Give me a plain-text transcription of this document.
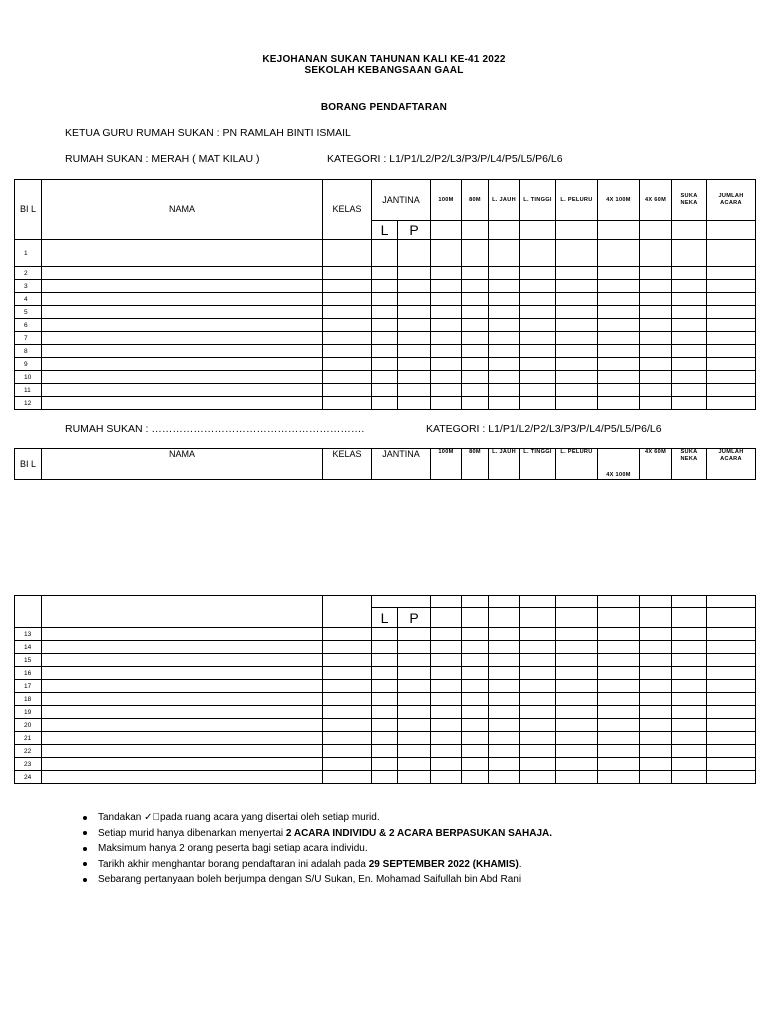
KEJOHANAN SUKAN TAHUNAN KALI KE-41 2022
SEKOLAH KEBANGSAAN GAAL
BORANG PENDAFTARAN
KETUA GURU RUMAH SUKAN : PN RAMLAH BINTI ISMAIL
RUMAH SUKAN : MERAH ( MAT KILAU )	KATEGORI : L1/P1/L2/P2/L3/P3/P/L4/P5/L5/P6/L6
BI L	NAMA	KELAS	JANTINA		100M	80M	L. JAUH	L. TINGGI	L. PELURU	4X 100M	4X 60M	SUKA NEKA	JUMLAH ACARA
			L	P									
1													
2													
3													
4													
5													
6													
7													
8													
9													
10													
11													
12													
RUMAH SUKAN : …………………………………………………….	KATEGORI : L1/P1/L2/P2/L3/P3/P/L4/P5/L5/P6/L6
BI L	NAMA	KELAS	JANTINA	100M	80M	L. JAUH	L. TINGGI	L. PELURU	4X 100M	4X 60M	SUKA NEKA	JUMLAH ACARA

			L	P									
13													
14													
15													
16													
17													
18													
19													
20													
21													
22													
23													
24													
Tandakan ✓ pada ruang acara yang disertai oleh setiap murid.
Setiap murid hanya dibenarkan menyertai 2 ACARA INDIVIDU & 2 ACARA BERPASUKAN SAHAJA.
Maksimum hanya 2 orang peserta bagi setiap acara individu.
Tarikh akhir menghantar borang pendaftaran ini adalah pada 29 SEPTEMBER 2022 (KHAMIS).
Sebarang pertanyaan boleh berjumpa dengan S/U Sukan, En. Mohamad Saifullah bin Abd Rani
